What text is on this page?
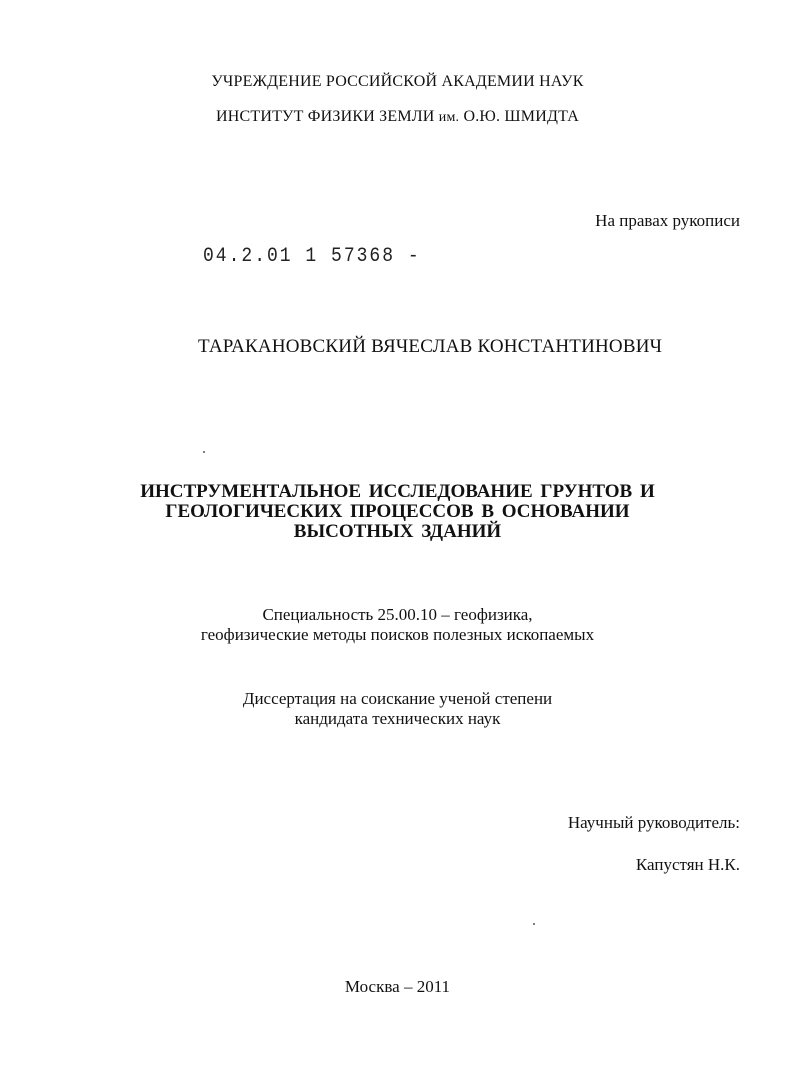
УЧРЕЖДЕНИЕ РОССИЙСКОЙ АКАДЕМИИ НАУК
ИНСТИТУТ ФИЗИКИ ЗЕМЛИ им. О.Ю. ШМИДТА
На правах рукописи
04.2.01 1 57368 -
ТАРАКАНОВСКИЙ ВЯЧЕСЛАВ КОНСТАНТИНОВИЧ
ИНСТРУМЕНТАЛЬНОЕ ИССЛЕДОВАНИЕ ГРУНТОВ И
ГЕОЛОГИЧЕСКИХ ПРОЦЕССОВ В ОСНОВАНИИ
ВЫСОТНЫХ ЗДАНИЙ
Специальность 25.00.10 – геофизика,
геофизические методы поисков полезных ископаемых
Диссертация на соискание ученой степени
кандидата технических наук
Научный руководитель:
Капустян Н.К.
Москва – 2011
